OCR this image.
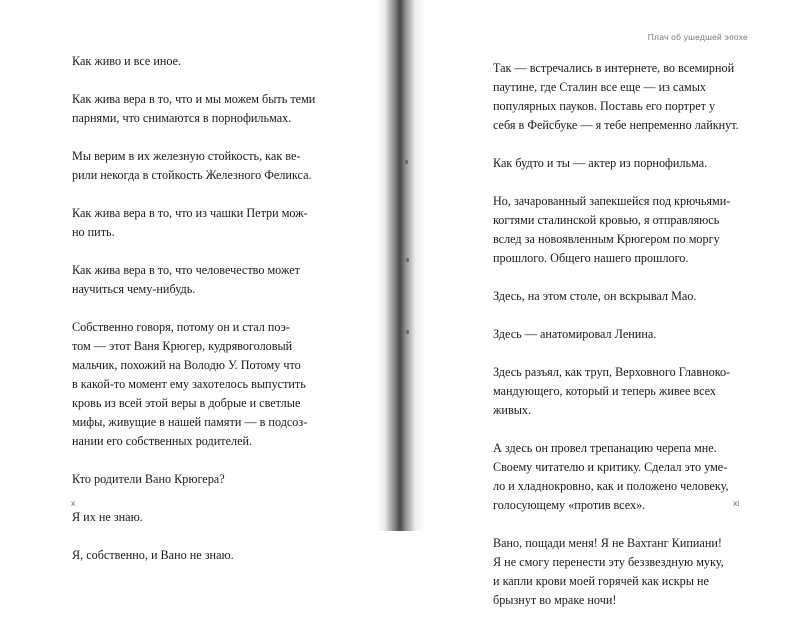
Плач об ушедшей эпохе

Как живо и все иное.

Как жива вера в то, что и мы можем быть теми
парнями, что снимаются в порнофильмах.

Мы верим в их железную стойкость, как ве-
рили некогда в стойкость Железного Феликса.

Как жива вера в то, что из чашки Петри мож-
но пить.

Как жива вера в то, что человечество может
научиться чему-нибудь.

Собственно говоря, потому он и стал поэ-
том — этот Ваня Крюгер, кудрявоголовый
мальчик, похожий на Володю У. Потому что
в какой-то момент ему захотелось выпустить
кровь из всей этой веры в добрые и светлые
мифы, живущие в нашей памяти — в подсоз-
нании его собственных родителей.

Кто родители Вано Крюгера?

Я их не знаю.

Я, собственно, и Вано не знаю.

Так — встречались в интернете, во всемирной
паутине, где Сталин все еще — из самых
популярных пауков. Поставь его портрет у
себя в Фейсбуке — я тебе непременно лайкнут.

Как будто и ты — актер из порнофильма.

Но, зачарованный запекшейся под крючьями-
когтями сталинской кровью, я отправляюсь
вслед за новоявленным Крюгером по моргу
прошлого. Общего нашего прошлого.

Здесь, на этом столе, он вскрывал Мао.

Здесь — анатомировал Ленина.

Здесь разъял, как труп, Верховного Главноко-
мандующего, который и теперь живее всех
живых.

А здесь он провел трепанацию черепа мне.
Своему читателю и критику. Сделал это уме-
ло и хладнокровно, как и положено человеку,
голосующему «против всех».

Вано, пощади меня! Я не Вахтанг Кипиани!
Я не смогу перенести эту беззвездную муку,
и капли крови моей горячей как искры не
брызнут во мраке ночи!

x	xi
